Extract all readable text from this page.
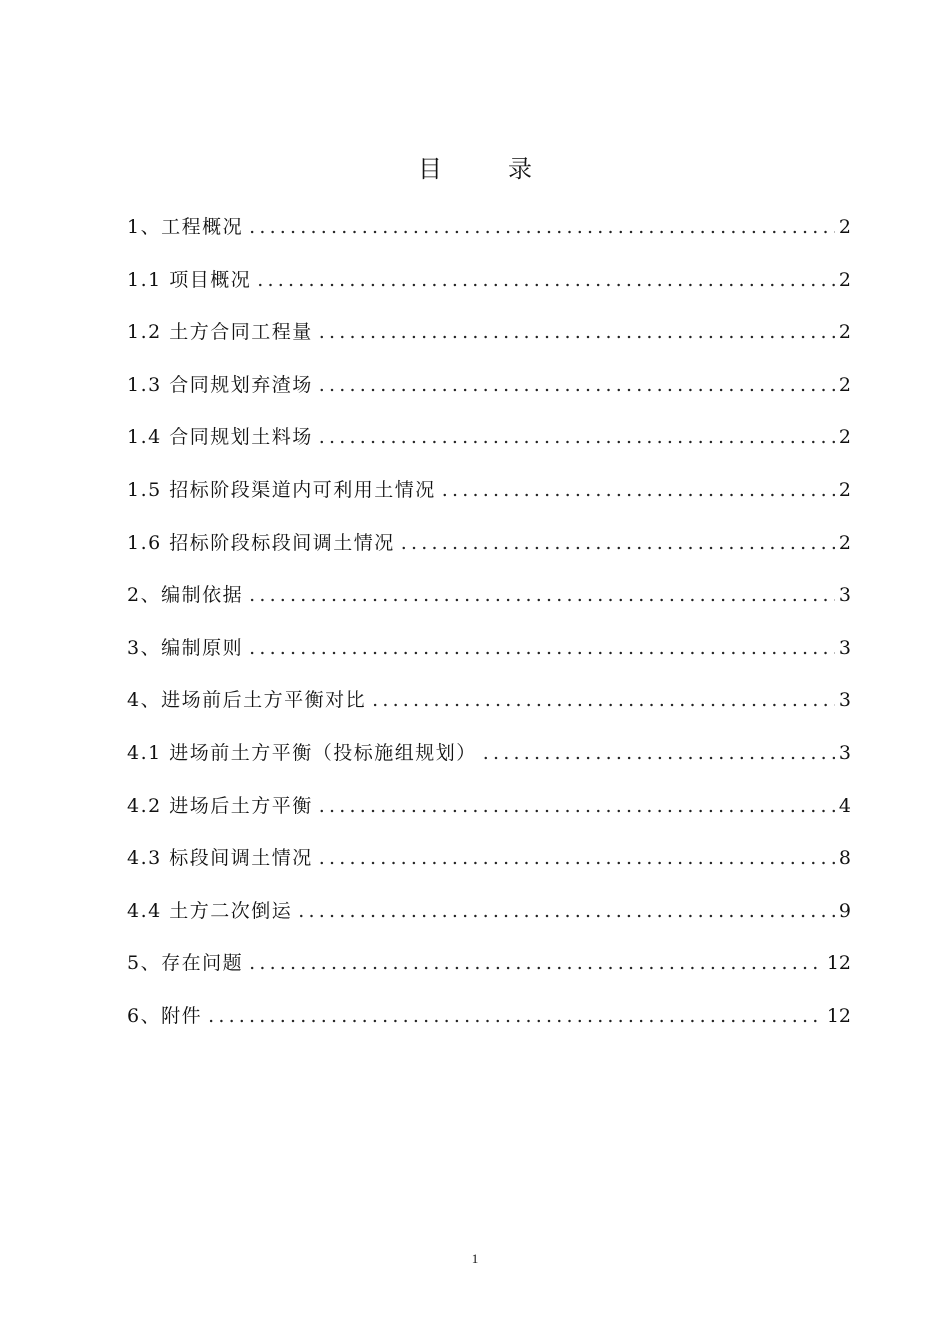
目	录
1、工程概况 .....	2
1.1 项目概况 .....	2
1.2 土方合同工程量 .....	2
1.3 合同规划弃渣场 .....	2
1.4 合同规划土料场 .....	2
1.5 招标阶段渠道内可利用土情况 .....	2
1.6 招标阶段标段间调土情况 .....	2
2、编制依据 .....	3
3、编制原则 .....	3
4、进场前后土方平衡对比 .....	3
4.1 进场前土方平衡（投标施组规划） .....	3
4.2 进场后土方平衡 .....	4
4.3 标段间调土情况 .....	8
4.4 土方二次倒运 .....	9
5、存在问题 .....	12
6、附件 .....	12
1
